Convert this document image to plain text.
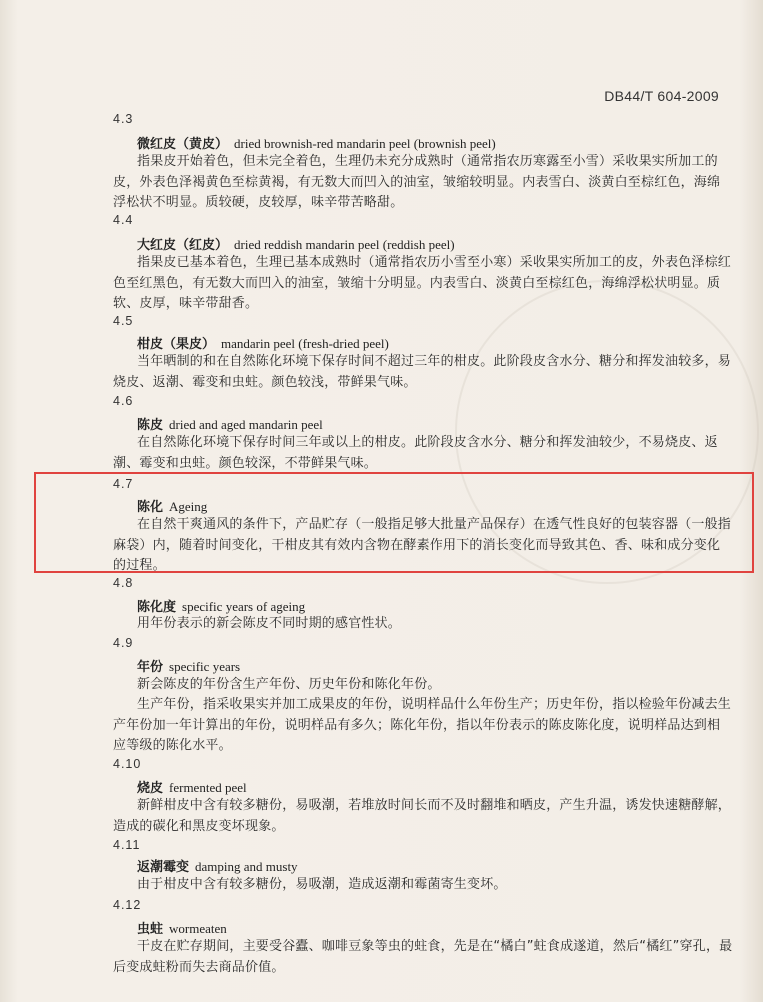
DB44/T 604-2009
4.3
微红皮（黄皮） dried brownish-red mandarin peel (brownish peel)
指果皮开始着色，但未完全着色，生理仍未充分成熟时（通常指农历寒露至小雪）采收果实所加工的皮，外表色泽褐黄色至棕黄褐，有无数大而凹入的油室，皱缩较明显。内表雪白、淡黄白至棕红色，海绵浮松状不明显。质较硬，皮较厚，味辛带苦略甜。
4.4
大红皮（红皮） dried reddish mandarin peel (reddish peel)
指果皮已基本着色，生理已基本成熟时（通常指农历小雪至小寒）采收果实所加工的皮，外表色泽棕红色至红黑色，有无数大而凹入的油室，皱缩十分明显。内表雪白、淡黄白至棕红色，海绵浮松状明显。质软、皮厚，味辛带甜香。
4.5
柑皮（果皮） mandarin peel (fresh-dried peel)
当年晒制的和在自然陈化环境下保存时间不超过三年的柑皮。此阶段皮含水分、糖分和挥发油较多，易烧皮、返潮、霉变和虫蛀。颜色较浅，带鲜果气味。
4.6
陈皮 dried and aged mandarin peel
在自然陈化环境下保存时间三年或以上的柑皮。此阶段皮含水分、糖分和挥发油较少，不易烧皮、返潮、霉变和虫蛀。颜色较深，不带鲜果气味。
4.7
陈化 Ageing
在自然干爽通风的条件下，产品贮存（一般指足够大批量产品保存）在透气性良好的包装容器（一般指麻袋）内，随着时间变化，干柑皮其有效内含物在酵素作用下的消长变化而导致其色、香、味和成分变化的过程。
4.8
陈化度 specific years of ageing
用年份表示的新会陈皮不同时期的感官性状。
4.9
年份 specific years
新会陈皮的年份含生产年份、历史年份和陈化年份。
生产年份，指采收果实并加工成果皮的年份，说明样品什么年份生产；历史年份，指以检验年份减去生产年份加一年计算出的年份，说明样品有多久；陈化年份，指以年份表示的陈皮陈化度，说明样品达到相应等级的陈化水平。
4.10
烧皮 fermented peel
新鲜柑皮中含有较多糖份，易吸潮，若堆放时间长而不及时翻堆和晒皮，产生升温，诱发快速糖酵解，造成的碳化和黑皮变坏现象。
4.11
返潮霉变 damping and musty
由于柑皮中含有较多糖份，易吸潮，造成返潮和霉菌寄生变坏。
4.12
虫蛀 wormeaten
干皮在贮存期间，主要受谷蠹、咖啡豆象等虫的蛀食，先是在“橘白”蛀食成遂道，然后“橘红”穿孔，最后变成蛀粉而失去商品价值。
